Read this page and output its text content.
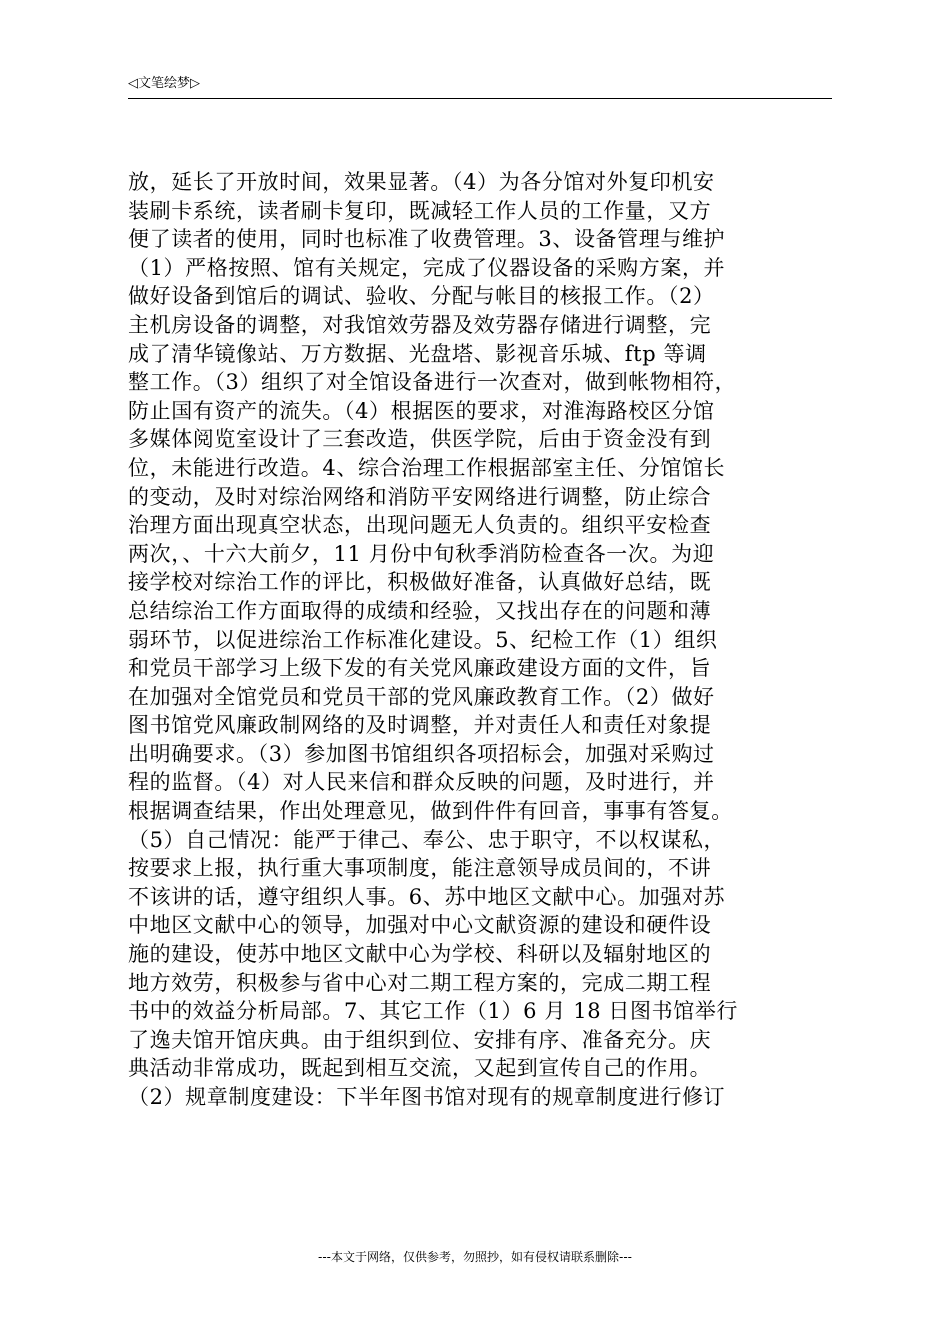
◁文笔绘梦▷
放，延长了开放时间，效果显著。（4）为各分馆对外复印机安
装刷卡系统，读者刷卡复印，既减轻工作人员的工作量，又方
便了读者的使用，同时也标准了收费管理。3、设备管理与维护
（1）严格按照、馆有关规定，完成了仪器设备的采购方案，并
做好设备到馆后的调试、验收、分配与帐目的核报工作。（2）
主机房设备的调整，对我馆效劳器及效劳器存储进行调整，完
成了清华镜像站、万方数据、光盘塔、影视音乐城、ftp 等调
整工作。（3）组织了对全馆设备进行一次查对，做到帐物相符，
防止国有资产的流失。（4）根据医的要求，对淮海路校区分馆
多媒体阅览室设计了三套改造，供医学院，后由于资金没有到
位，未能进行改造。4、综合治理工作根据部室主任、分馆馆长
的变动，及时对综治网络和消防平安网络进行调整，防止综合
治理方面出现真空状态，出现问题无人负责的。组织平安检查
两次，、十六大前夕，11 月份中旬秋季消防检查各一次。为迎
接学校对综治工作的评比，积极做好准备，认真做好总结，既
总结综治工作方面取得的成绩和经验，又找出存在的问题和薄
弱环节，以促进综治工作标准化建设。5、纪检工作（1）组织
和党员干部学习上级下发的有关党风廉政建设方面的文件，旨
在加强对全馆党员和党员干部的党风廉政教育工作。（2）做好
图书馆党风廉政制网络的及时调整，并对责任人和责任对象提
出明确要求。（3）参加图书馆组织各项招标会，加强对采购过
程的监督。（4）对人民来信和群众反映的问题，及时进行，并
根据调查结果，作出处理意见，做到件件有回音，事事有答复。
（5）自己情况：能严于律己、奉公、忠于职守，不以权谋私，
按要求上报，执行重大事项制度，能注意领导成员间的，不讲
不该讲的话，遵守组织人事。6、苏中地区文献中心。加强对苏
中地区文献中心的领导，加强对中心文献资源的建设和硬件设
施的建设，使苏中地区文献中心为学校、科研以及辐射地区的
地方效劳，积极参与省中心对二期工程方案的，完成二期工程
书中的效益分析局部。7、其它工作（1）6 月 18 日图书馆举行
了逸夫馆开馆庆典。由于组织到位、安排有序、准备充分。庆
典活动非常成功，既起到相互交流，又起到宣传自己的作用。
（2）规章制度建设：下半年图书馆对现有的规章制度进行修订
---本文于网络，仅供参考，勿照抄，如有侵权请联系删除---
